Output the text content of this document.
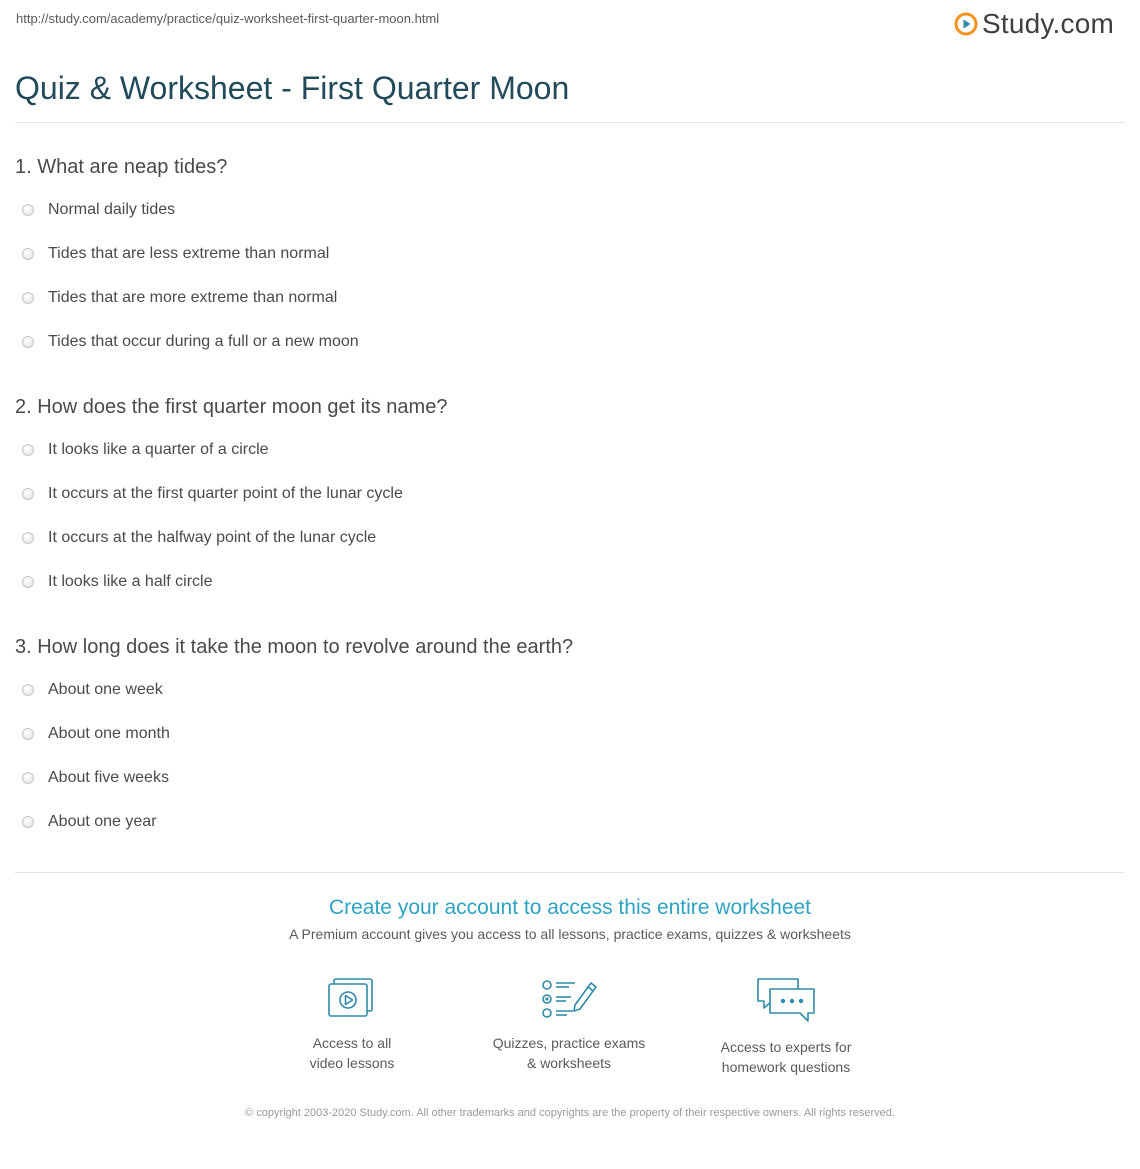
http://study.com/academy/practice/quiz-worksheet-first-quarter-moon.html	Study.com
Quiz & Worksheet - First Quarter Moon
1. What are neap tides?
Normal daily tides
Tides that are less extreme than normal
Tides that are more extreme than normal
Tides that occur during a full or a new moon
2. How does the first quarter moon get its name?
It looks like a quarter of a circle
It occurs at the first quarter point of the lunar cycle
It occurs at the halfway point of the lunar cycle
It looks like a half circle
3. How long does it take the moon to revolve around the earth?
About one week
About one month
About five weeks
About one year
Create your account to access this entire worksheet
A Premium account gives you access to all lessons, practice exams, quizzes & worksheets
Access to all
video lessons
Quizzes, practice exams
& worksheets
Access to experts for
homework questions
© copyright 2003-2020 Study.com. All other trademarks and copyrights are the property of their respective owners. All rights reserved.
